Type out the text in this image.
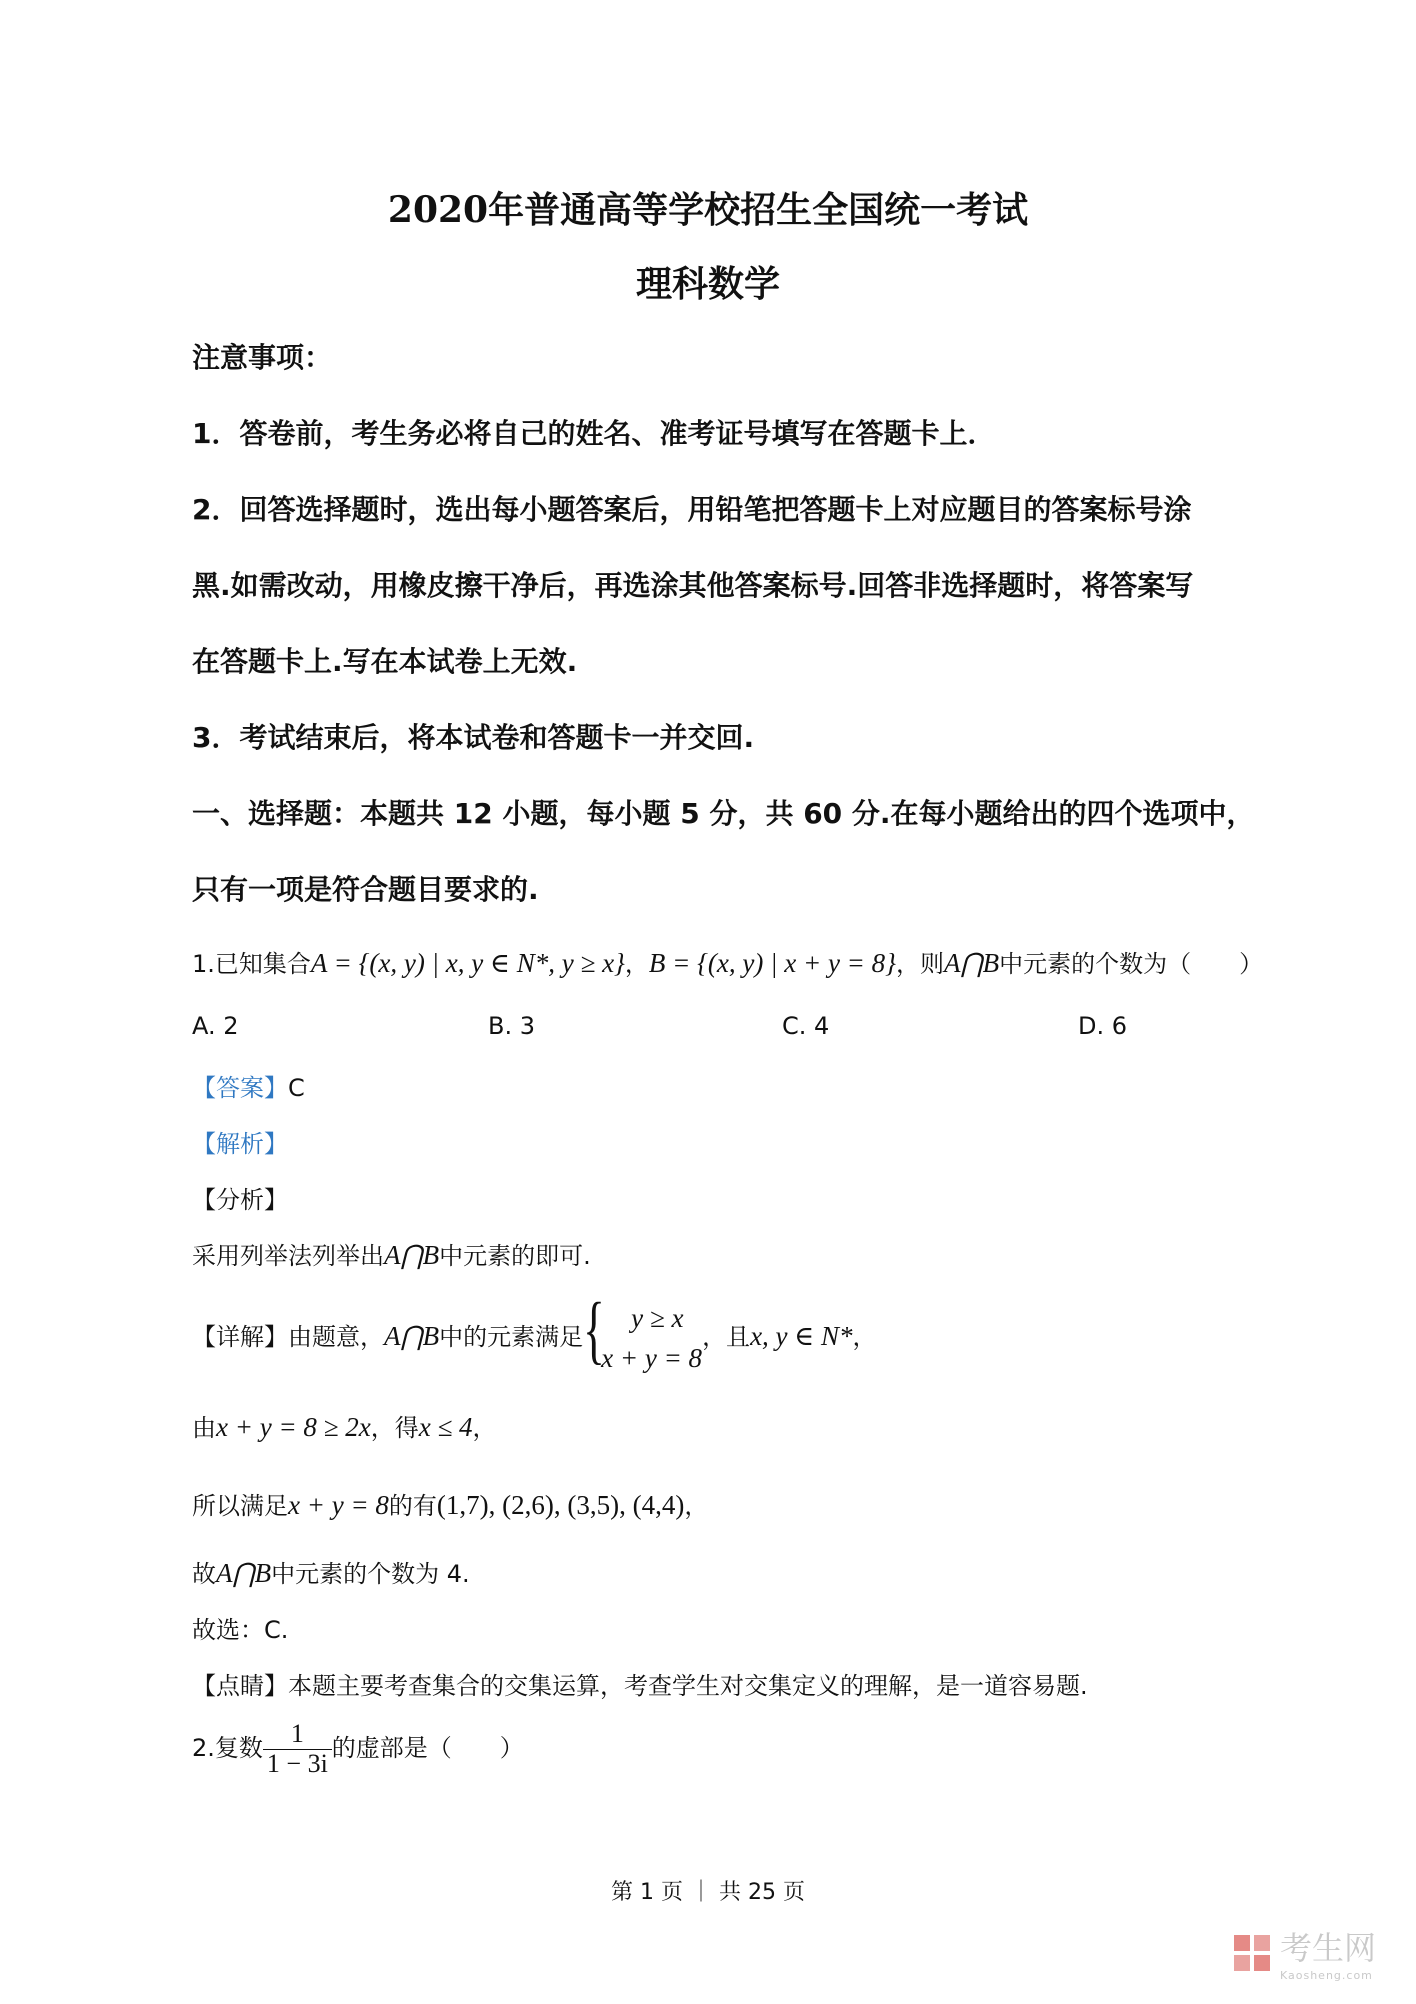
2020年普通高等学校招生全国统一考试
理科数学
注意事项：
1．答卷前，考生务必将自己的姓名、准考证号填写在答题卡上．
2．回答选择题时，选出每小题答案后，用铅笔把答题卡上对应题目的答案标号涂
黑.如需改动，用橡皮擦干净后，再选涂其他答案标号.回答非选择题时，将答案写
在答题卡上.写在本试卷上无效.
3．考试结束后，将本试卷和答题卡一并交回.
一、选择题：本题共 12 小题，每小题 5 分，共 60 分.在每小题给出的四个选项中，
只有一项是符合题目要求的.
1.已知集合A = {(x, y) | x, y ∈ N*, y ≥ x}，B = {(x, y) | x + y = 8}，则A⋂B中元素的个数为（　　）
A. 2	B. 3	C. 4	D. 6
【答案】C
【解析】
【分析】
采用列举法列举出A⋂B中元素的即可.
【详解】由题意，A⋂B中的元素满足 { y ≥ x
x + y = 8
，且x, y ∈ N*，
由x + y = 8 ≥ 2x，得x ≤ 4，
所以满足x + y = 8的有(1,7), (2,6), (3,5), (4,4)，
故A⋂B中元素的个数为 4.
故选：C.
【点睛】本题主要考查集合的交集运算，考查学生对交集定义的理解，是一道容易题.
2.复数 $\frac{1}{1 - 3i}$ 的虚部是（　　）
第 1 页 ｜ 共 25 页
考生网
Kaosheng.com
